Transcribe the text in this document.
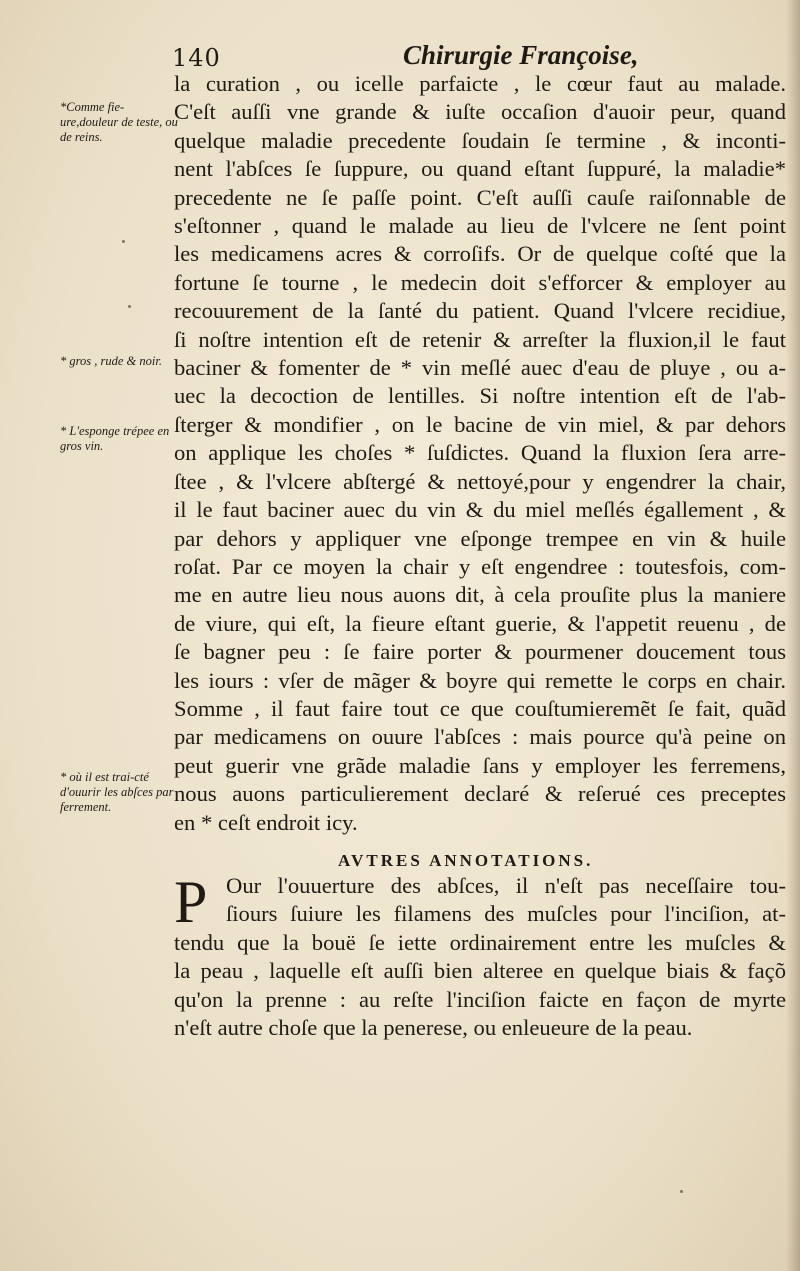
140	Chirurgie Françoise,
*Comme fie-ure,douleur de teste, ou de reins.
* gros , rude & noir.
* L'esponge trépee en gros vin.
* où il est trai-cté d'ouurir les abſces par ferrement.
la curation , ou icelle parfaicte , le cœur faut au malade.
C'eſt auſſi vne grande & iuſte occaſion d'auoir peur, quand
quelque maladie precedente ſoudain ſe termine , & inconti-
nent l'abſces ſe ſuppure, ou quand eſtant ſuppuré, la maladie*
precedente ne ſe paſſe point. C'eſt auſſi cauſe raiſonnable de
s'eſtonner , quand le malade au lieu de l'vlcere ne ſent point
les medicamens acres & corroſifs. Or de quelque coſté que la
fortune ſe tourne , le medecin doit s'efforcer & employer au
recouurement de la ſanté du patient. Quand l'vlcere recidiue,
ſi noſtre intention eſt de retenir & arreſter la fluxion,il le faut
baciner & fomenter de * vin meſlé auec d'eau de pluye , ou a-
uec la decoction de lentilles. Si noſtre intention eſt de l'ab-
ſterger & mondifier , on le bacine de vin miel, & par dehors
on applique les choſes * ſuſdictes. Quand la fluxion ſera arre-
ſtee , & l'vlcere abſtergé & nettoyé,pour y engendrer la chair,
il le faut baciner auec du vin & du miel meſlés égallement , &
par dehors y appliquer vne eſponge trempee en vin & huile
roſat. Par ce moyen la chair y eſt engendree : toutesfois, com-
me en autre lieu nous auons dit, à cela prouſite plus la maniere
de viure, qui eſt, la fieure eſtant guerie, & l'appetit reuenu , de
ſe bagner peu : ſe faire porter & pourmener doucement tous
les iours : vſer de mãger & boyre qui remette le corps en chair.
Somme , il faut faire tout ce que couſtumieremẽt ſe fait, quãd
par medicamens on ouure l'abſces : mais pource qu'à peine on
peut guerir vne grãde maladie ſans y employer les ferremens,
nous auons particulierement declaré & reſerué ces preceptes
en * ceſt endroit icy.
AVTRES ANNOTATIONS.
P Our l'ouuerture des abſces, il n'eſt pas neceſſaire tou-
ſiours ſuiure les filamens des muſcles pour l'inciſion, at-
tendu que la bouë ſe iette ordinairement entre les muſcles &
la peau , laquelle eſt auſſi bien alteree en quelque biais & façõ
qu'on la prenne : au reſte l'inciſion faicte en façon de myrte
n'eſt autre choſe que la penerese, ou enleueure de la peau.
